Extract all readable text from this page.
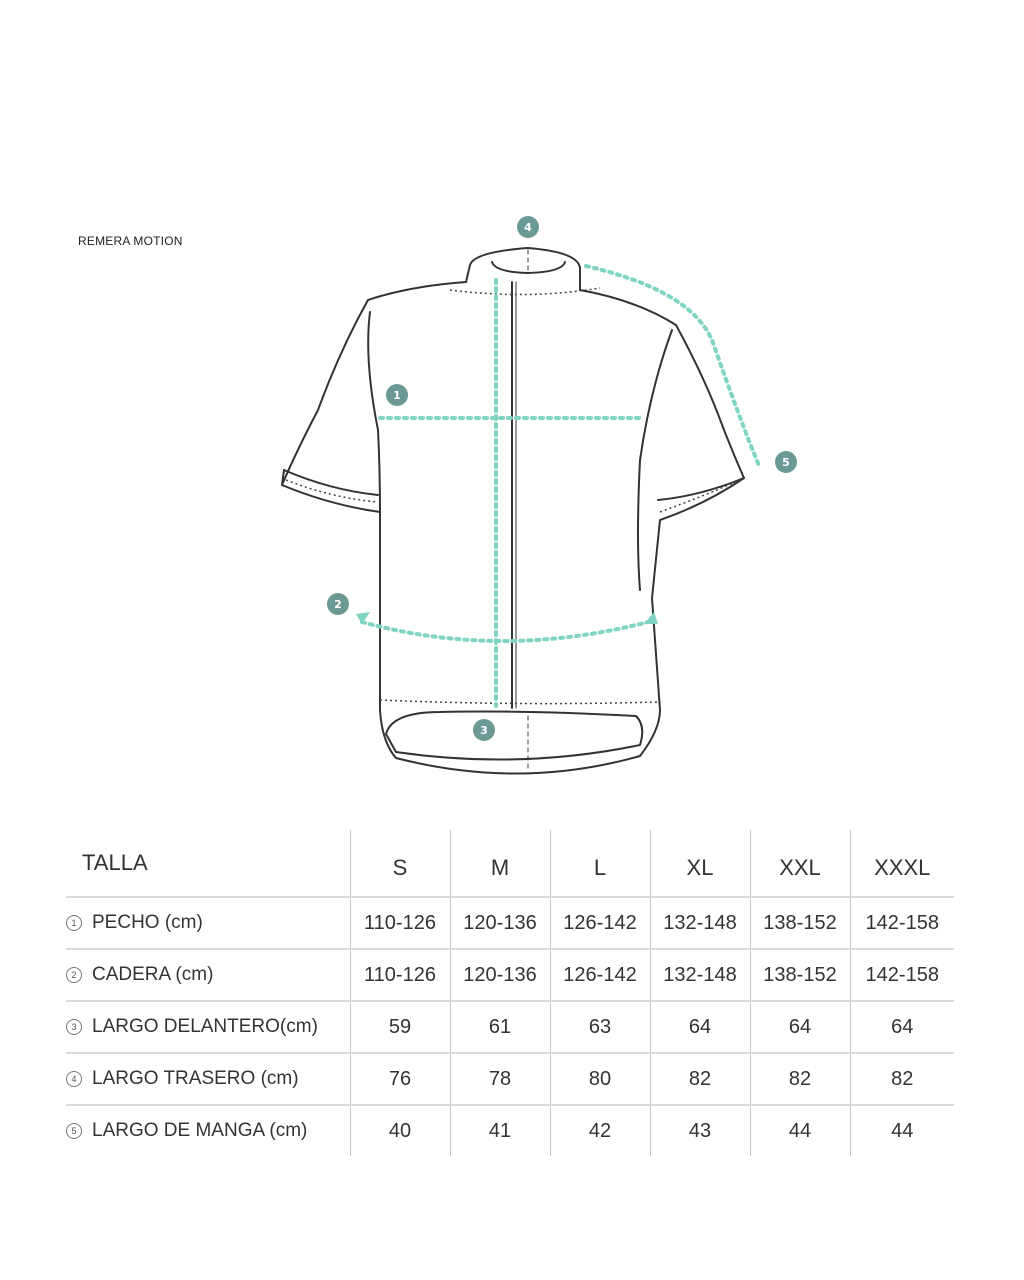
REMERA MOTION
1
2
3
4
5
TALLA	S	M	L	XL	XXL	XXXL
1 PECHO (cm)	110-126	120-136	126-142	132-148	138-152	142-158
2 CADERA (cm)	110-126	120-136	126-142	132-148	138-152	142-158
3 LARGO DELANTERO(cm)	59	61	63	64	64	64
4 LARGO TRASERO (cm)	76	78	80	82	82	82
5 LARGO DE MANGA (cm)	40	41	42	43	44	44
